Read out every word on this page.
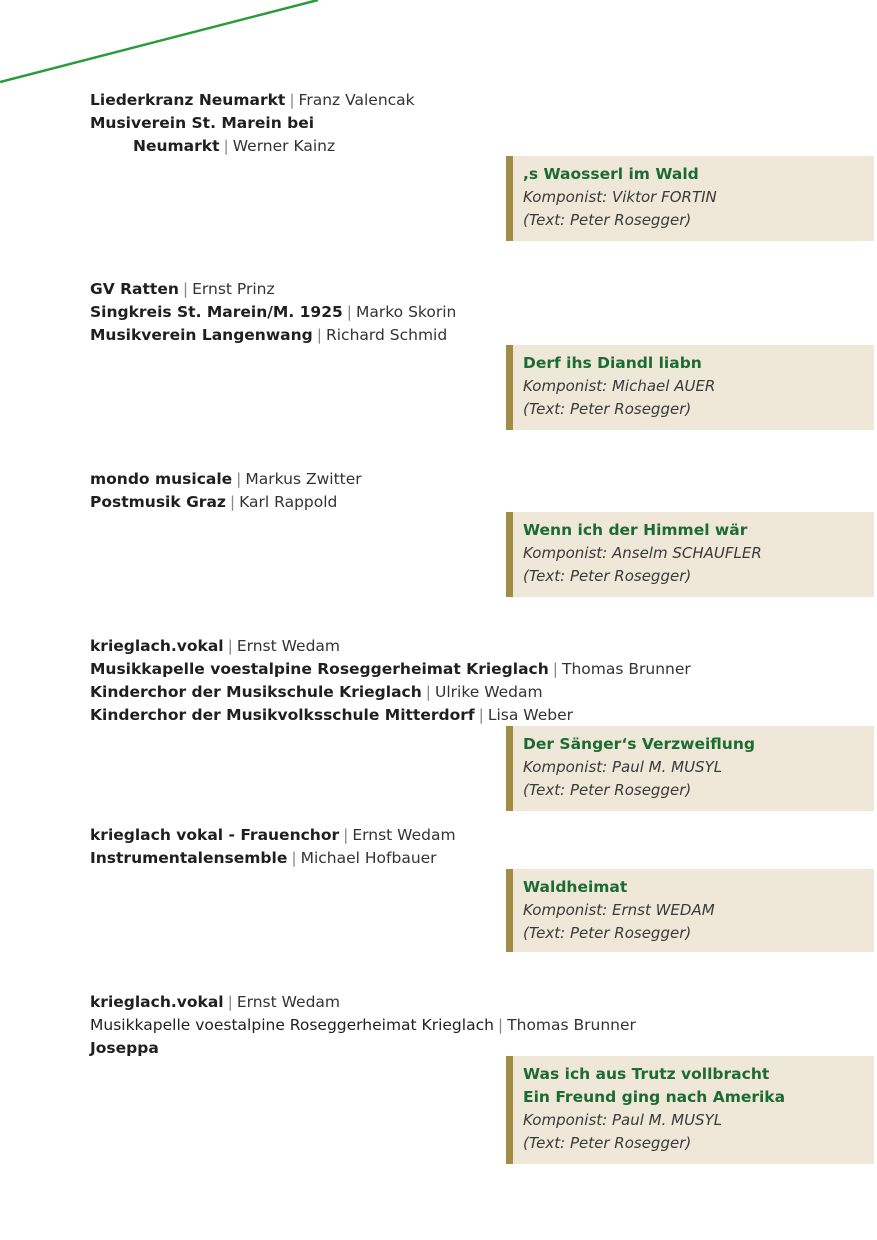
Liederkranz Neumarkt | Franz Valencak
Musiverein St. Marein bei
Neumarkt | Werner Kainz
,s Waosserl im Wald
Komponist: Viktor FORTIN
(Text: Peter Rosegger)
GV Ratten | Ernst Prinz
Singkreis St. Marein/M. 1925 | Marko Skorin
Musikverein Langenwang | Richard Schmid
Derf ihs Diandl liabn
Komponist: Michael AUER
(Text: Peter Rosegger)
mondo musicale | Markus Zwitter
Postmusik Graz | Karl Rappold
Wenn ich der Himmel wär
Komponist: Anselm SCHAUFLER
(Text: Peter Rosegger)
krieglach.vokal | Ernst Wedam
Musikkapelle voestalpine Roseggerheimat Krieglach | Thomas Brunner
Kinderchor der Musikschule Krieglach | Ulrike Wedam
Kinderchor der Musikvolksschule Mitterdorf | Lisa Weber
Der Sänger‘s Verzweiflung
Komponist: Paul M. MUSYL
(Text: Peter Rosegger)
krieglach vokal - Frauenchor | Ernst Wedam
Instrumentalensemble | Michael Hofbauer
Waldheimat
Komponist: Ernst WEDAM
(Text: Peter Rosegger)
krieglach.vokal | Ernst Wedam
Musikkapelle voestalpine Roseggerheimat Krieglach | Thomas Brunner
Joseppa
Was ich aus Trutz vollbracht
Ein Freund ging nach Amerika
Komponist: Paul M. MUSYL
(Text: Peter Rosegger)
